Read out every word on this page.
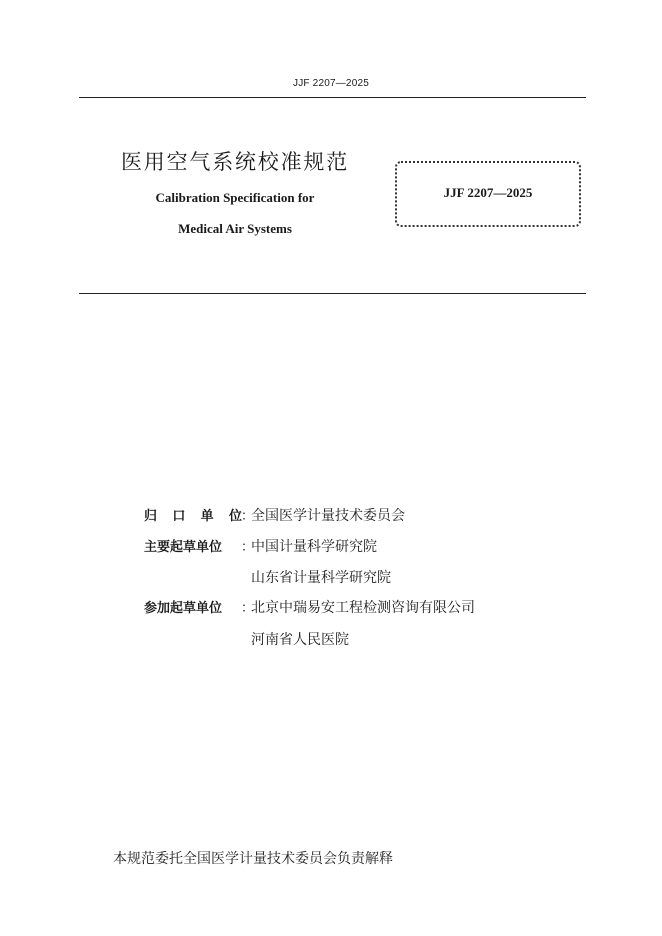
JJF 2207—2025
医用空气系统校准规范
Calibration Specification for
Medical Air Systems
JJF 2207—2025
归 口 单 位 ：
全国医学计量技术委员会
主要起草单位	：
中国计量科学研究院
山东省计量科学研究院
参加起草单位	：
北京中瑞易安工程检测咨询有限公司
河南省人民医院
本规范委托全国医学计量技术委员会负责解释
